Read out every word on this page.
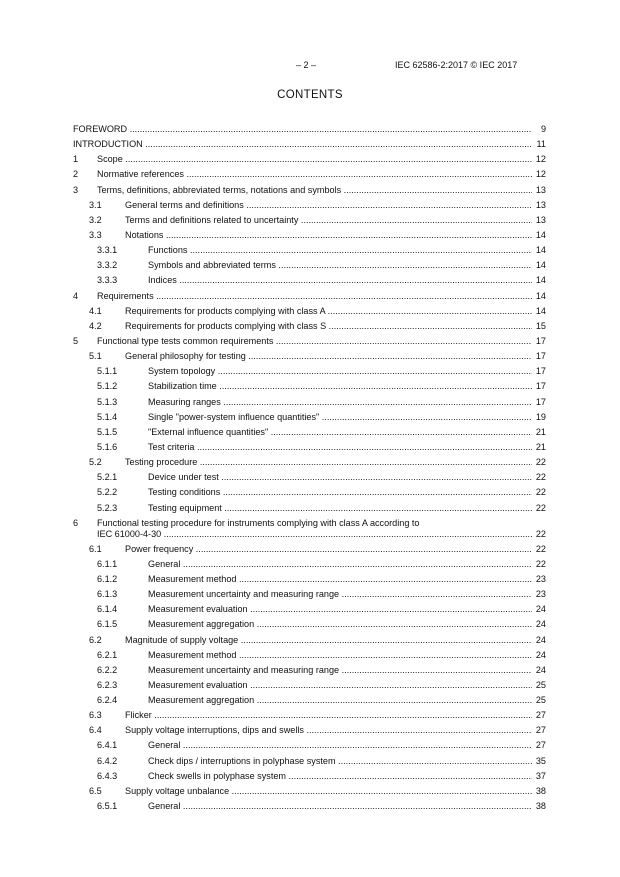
– 2 –	IEC 62586-2:2017 © IEC 2017
CONTENTS
FOREWORD .....	9
INTRODUCTION .....	11
1 Scope .....	12
2 Normative references .....	12
3 Terms, definitions, abbreviated terms, notations and symbols .....	13
3.1	General terms and definitions .....	13
3.2	Terms and definitions related to uncertainty .....	13
3.3	Notations .....	14
3.3.1	Functions .....	14
3.3.2	Symbols and abbreviated terms .....	14
3.3.3	Indices .....	14
4 Requirements .....	14
4.1	Requirements for products complying with class A .....	14
4.2	Requirements for products complying with class S .....	15
5 Functional type tests common requirements .....	17
5.1	General philosophy for testing .....	17
5.1.1	System topology .....	17
5.1.2	Stabilization time .....	17
5.1.3	Measuring ranges .....	17
5.1.4	Single "power-system influence quantities" .....	19
5.1.5	"External influence quantities" .....	21
5.1.6	Test criteria .....	21
5.2	Testing procedure .....	22
5.2.1	Device under test .....	22
5.2.2	Testing conditions .....	22
5.2.3	Testing equipment .....	22
6 Functional testing procedure for instruments complying with class A according to
IEC 61000-4-30 .....	22
6.1	Power frequency .....	22
6.1.1	General .....	22
6.1.2	Measurement method .....	23
6.1.3	Measurement uncertainty and measuring range .....	23
6.1.4	Measurement evaluation .....	24
6.1.5	Measurement aggregation .....	24
6.2	Magnitude of supply voltage .....	24
6.2.1	Measurement method .....	24
6.2.2	Measurement uncertainty and measuring range .....	24
6.2.3	Measurement evaluation .....	25
6.2.4	Measurement aggregation .....	25
6.3	Flicker .....	27
6.4	Supply voltage interruptions, dips and swells .....	27
6.4.1	General .....	27
6.4.2	Check dips / interruptions in polyphase system .....	35
6.4.3	Check swells in polyphase system .....	37
6.5	Supply voltage unbalance .....	38
6.5.1	General .....	38
